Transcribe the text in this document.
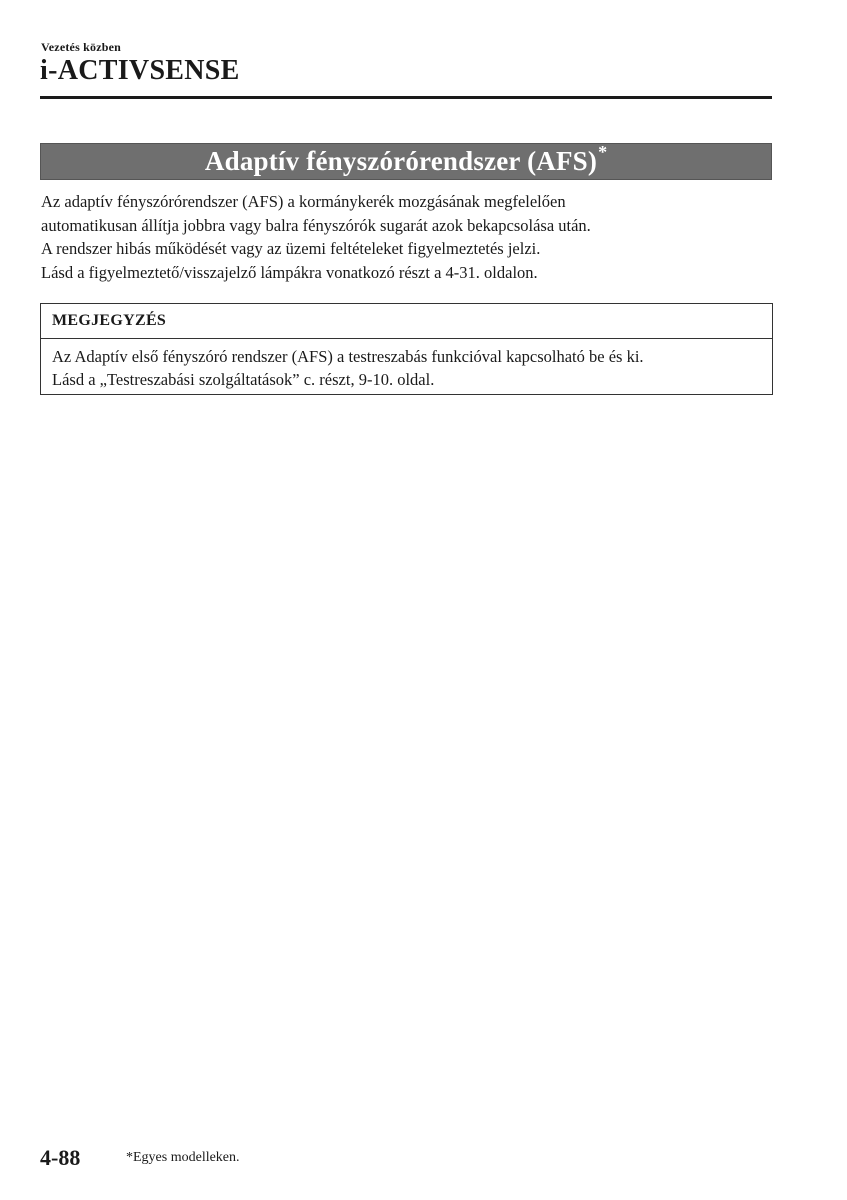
Vezetés közben
i-ACTIVSENSE
Adaptív fényszórórendszer (AFS) *
Az adaptív fényszórórendszer (AFS) a kormánykerék mozgásának megfelelően
automatikusan állítja jobbra vagy balra fényszórók sugarát azok bekapcsolása után.
A rendszer hibás működését vagy az üzemi feltételeket figyelmeztetés jelzi.
Lásd a figyelmeztető/visszajelző lámpákra vonatkozó részt a 4-31. oldalon.
MEGJEGYZÉS
Az Adaptív első fényszóró rendszer (AFS) a testreszabás funkcióval kapcsolható be és ki.
Lásd a „Testreszabási szolgáltatások” c. részt, 9-10. oldal.
4-88	*Egyes modelleken.
